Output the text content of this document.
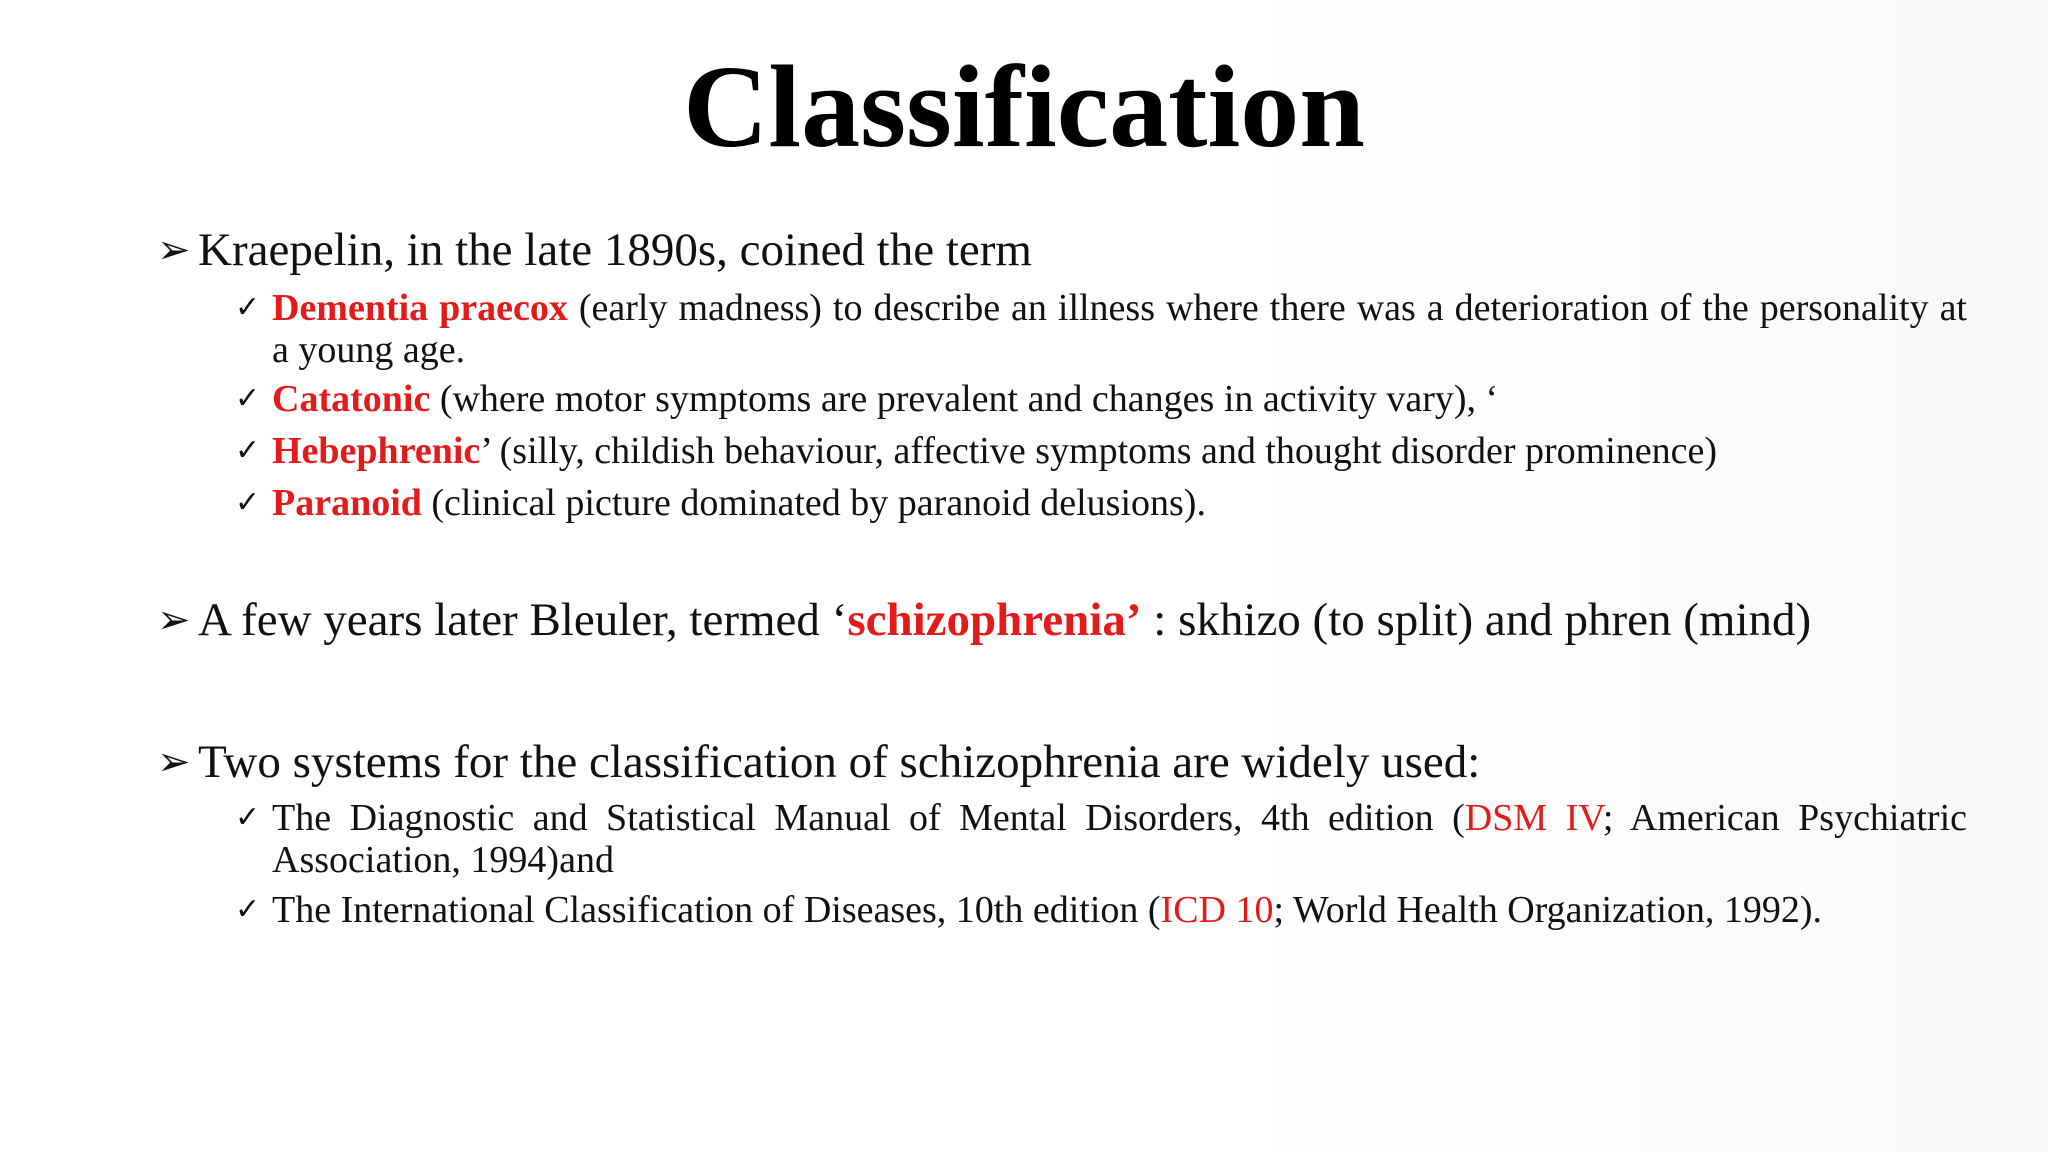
Classification
➢ Kraepelin, in the late 1890s, coined the term
✓ Dementia praecox (early madness) to describe an illness where there was a deterioration of the personality at a young age.
✓ Catatonic (where motor symptoms are prevalent and changes in activity vary), ‘
✓ Hebephrenic’ (silly, childish behaviour, affective symptoms and thought disorder prominence)
✓ Paranoid (clinical picture dominated by paranoid delusions).
➢ A few years later Bleuler, termed ‘schizophrenia’ : skhizo (to split) and phren (mind)
➢ Two systems for the classification of schizophrenia are widely used:
✓ The Diagnostic and Statistical Manual of Mental Disorders, 4th edition (DSM IV; American Psychiatric Association, 1994)and
✓ The International Classification of Diseases, 10th edition (ICD 10; World Health Organization, 1992).
